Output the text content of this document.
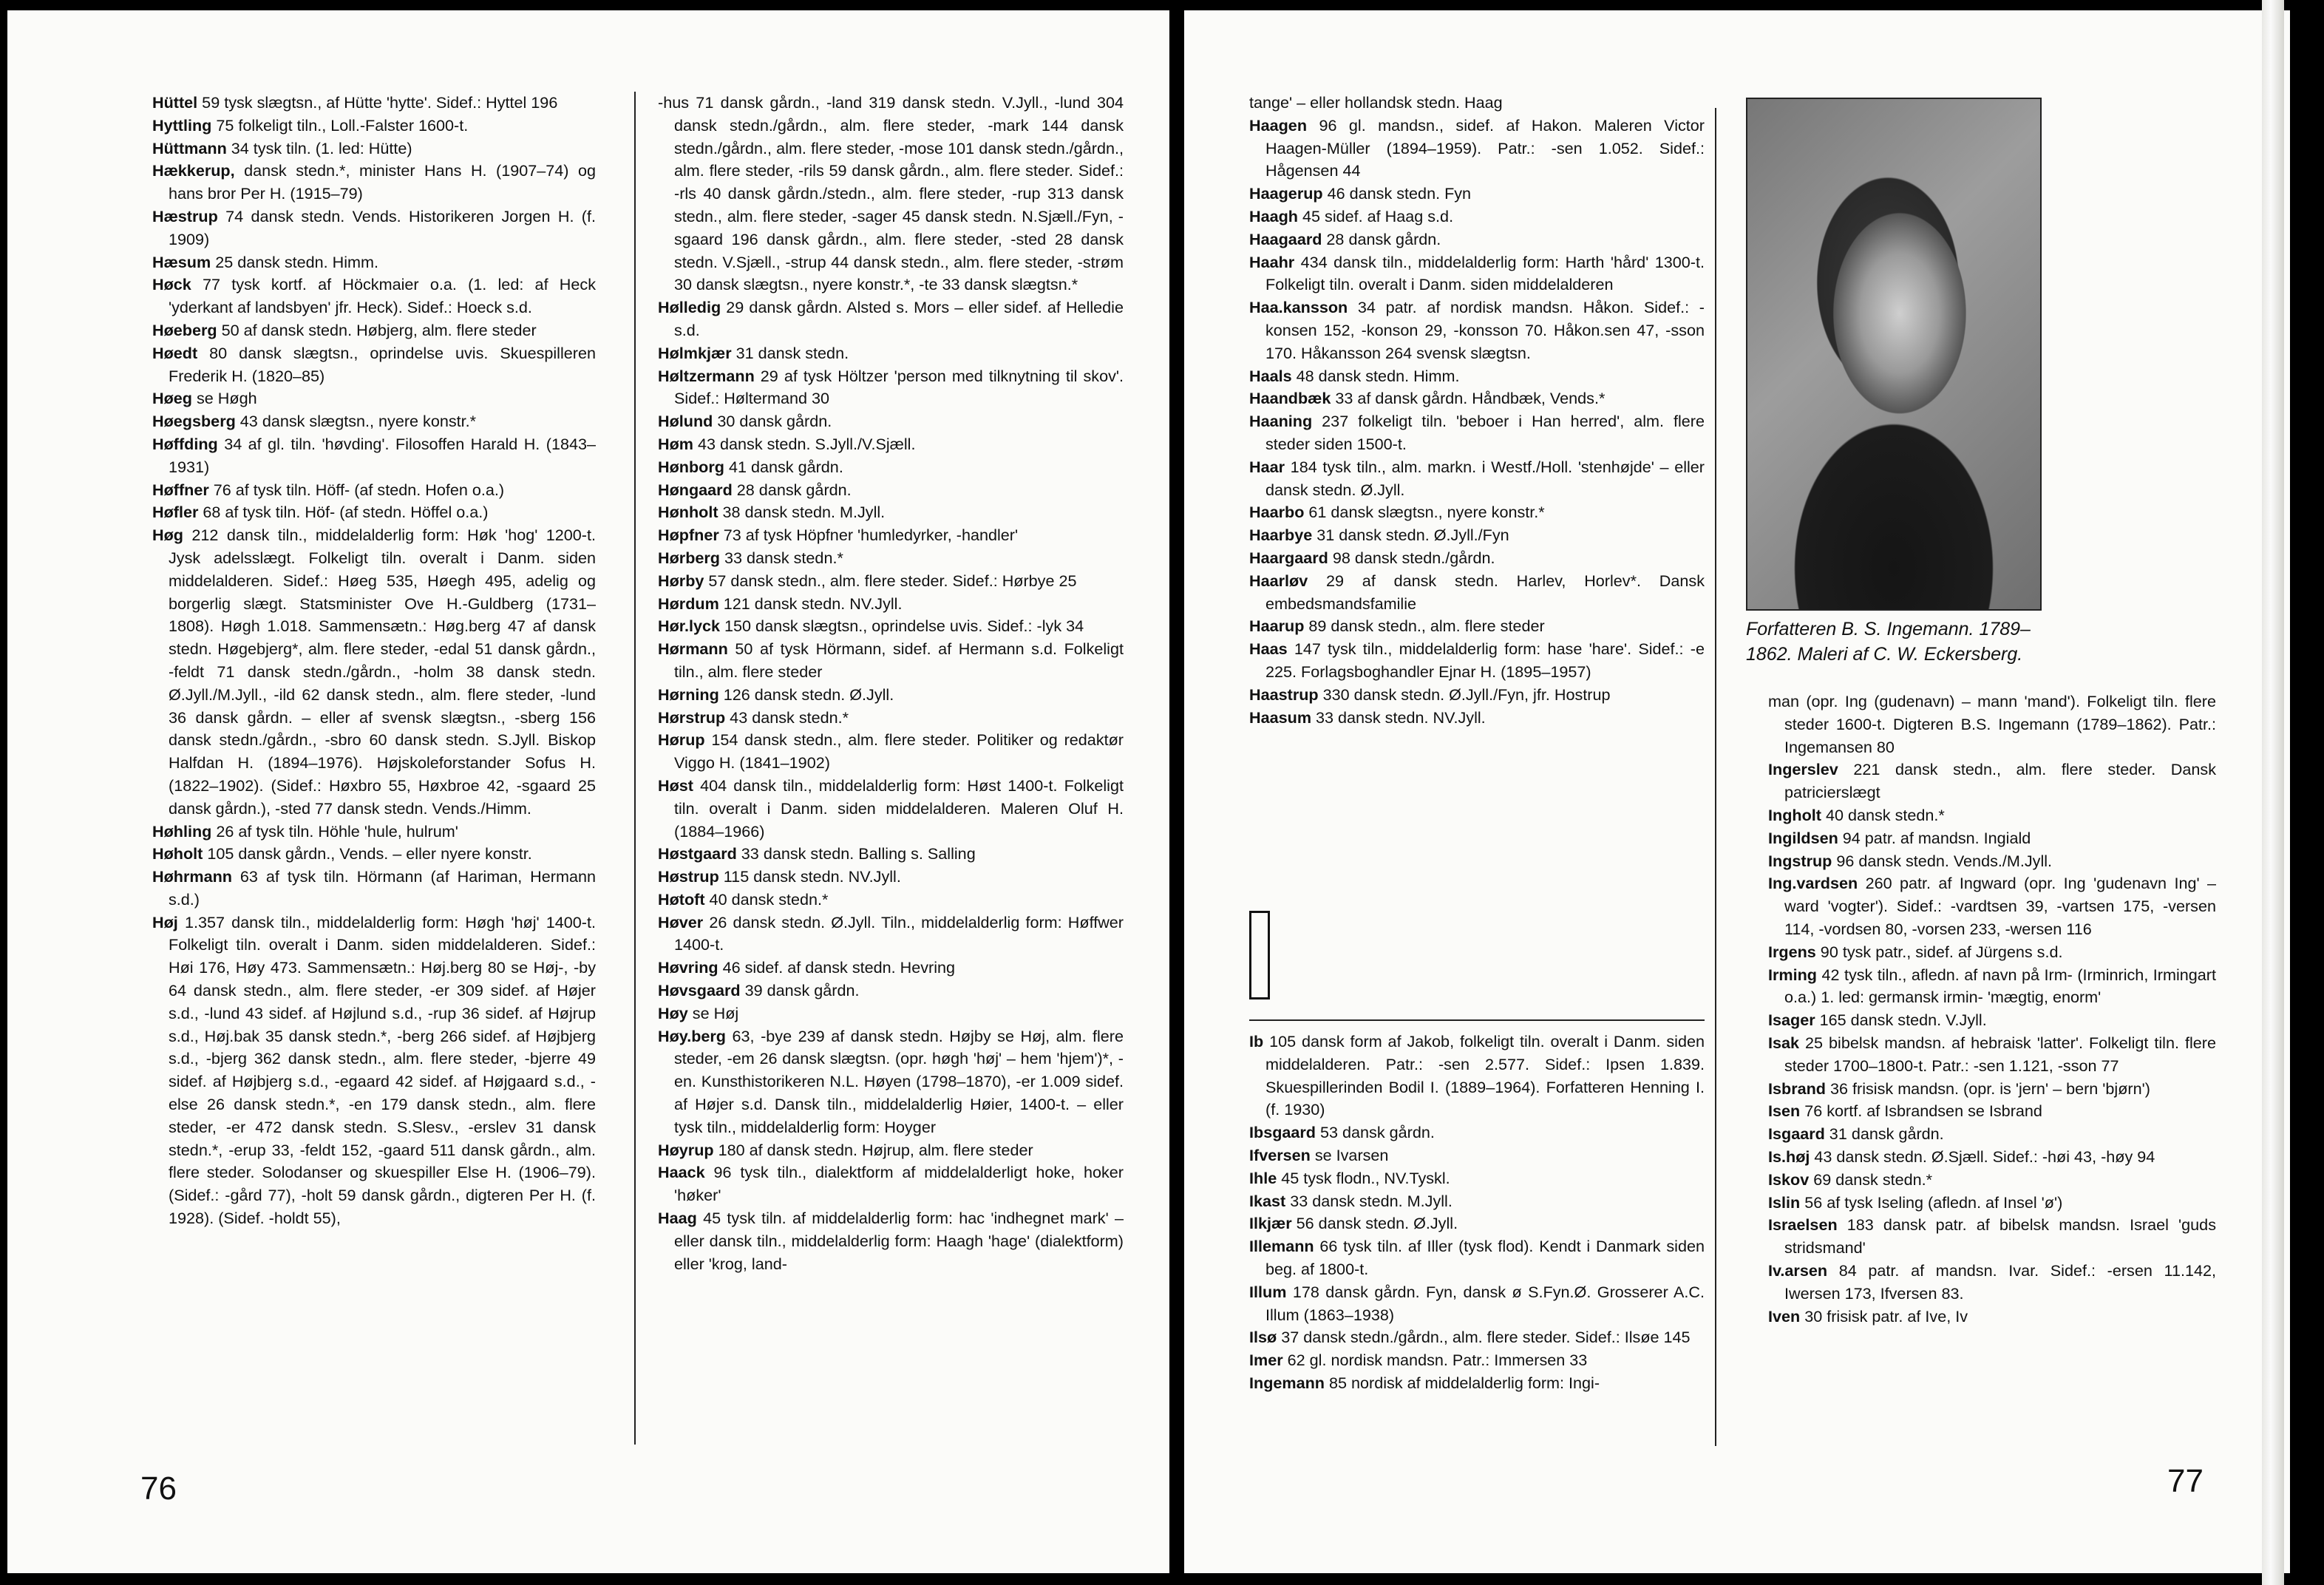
Hüttel 59 tysk slægtsn., af Hütte 'hytte'. Sidef.: Hyttel 196

Hyttling 75 folkeligt tiln., Loll.-Falster 1600-t.

Hüttmann 34 tysk tiln. (1. led: Hütte)

Hækkerup, dansk stedn.*, minister Hans H. (1907–74) og hans bror Per H. (1915–79)

Hæstrup 74 dansk stedn. Vends. Historikeren Jorgen H. (f. 1909)

Hæsum 25 dansk stedn. Himm.

Høck 77 tysk kortf. af Höckmaier o.a. (1. led: af Heck 'yderkant af landsbyen' jfr. Heck). Sidef.: Hoeck s.d.

Høeberg 50 af dansk stedn. Høbjerg, alm. flere steder

Høedt 80 dansk slægtsn., oprindelse uvis. Skuespilleren Frederik H. (1820–85)

Høeg se Høgh

Høegsberg 43 dansk slægtsn., nyere konstr.*

Høffding 34 af gl. tiln. 'høvding'. Filosoffen Harald H. (1843–1931)

Høffner 76 af tysk tiln. Höff- (af stedn. Hofen o.a.)

Høfler 68 af tysk tiln. Höf- (af stedn. Höffel o.a.)

Høg 212 dansk tiln., middelalderlig form: Høk 'hog' 1200-t. Jysk adelsslægt. Folkeligt tiln. overalt i Danm. siden middelalderen. Sidef.: Høeg 535, Høegh 495, adelig og borgerlig slægt. Statsminister Ove H.-Guldberg (1731–1808). Høgh 1.018. Sammensætn.: Høg.berg 47 af dansk stedn. Høgebjerg*, alm. flere steder, -edal 51 dansk gårdn., -feldt 71 dansk stedn./gårdn., -holm 38 dansk stedn. Ø.Jyll./M.Jyll., -ild 62 dansk stedn., alm. flere steder, -lund 36 dansk gårdn. – eller af svensk slægtsn., -sberg 156 dansk stedn./gårdn., -sbro 60 dansk stedn. S.Jyll. Biskop Halfdan H. (1894–1976). Højskoleforstander Sofus H. (1822–1902). (Sidef.: Høxbro 55, Høxbroe 42, -sgaard 25 dansk gårdn.), -sted 77 dansk stedn. Vends./Himm.

Høhling 26 af tysk tiln. Höhle 'hule, hulrum'

Høholt 105 dansk gårdn., Vends. – eller nyere konstr.

Høhrmann 63 af tysk tiln. Hörmann (af Hariman, Hermann s.d.)

Høj 1.357 dansk tiln., middelalderlig form: Høgh 'høj' 1400-t. Folkeligt tiln. overalt i Danm. siden middelalderen. Sidef.: Høi 176, Høy 473. Sammensætn.: Høj.berg 80 se Høj-, -by 64 dansk stedn., alm. flere steder, -er 309 sidef. af Højer s.d., -lund 43 sidef. af Højlund s.d., -rup 36 sidef. af Højrup s.d., Høj.bak 35 dansk stedn.*, -berg 266 sidef. af Højbjerg s.d., -bjerg 362 dansk stedn., alm. flere steder, -bjerre 49 sidef. af Højbjerg s.d., -egaard 42 sidef. af Højgaard s.d., -else 26 dansk stedn.*, -en 179 dansk stedn., alm. flere steder, -er 472 dansk stedn. S.Slesv., -erslev 31 dansk stedn.*, -erup 33, -feldt 152, -gaard 511 dansk gårdn., alm. flere steder. Solodanser og skuespiller Else H. (1906–79). (Sidef.: -gård 77), -holt 59 dansk gårdn., digteren Per H. (f. 1928). (Sidef. -holdt 55),

-hus 71 dansk gårdn., -land 319 dansk stedn. V.Jyll., -lund 304 dansk stedn./gårdn., alm. flere steder, -mark 144 dansk stedn./gårdn., alm. flere steder, -mose 101 dansk stedn./gårdn., alm. flere steder, -rils 59 dansk gårdn., alm. flere steder. Sidef.: -rls 40 dansk gårdn./stedn., alm. flere steder, -rup 313 dansk stedn., alm. flere steder, -sager 45 dansk stedn. N.Sjæll./Fyn, -sgaard 196 dansk gårdn., alm. flere steder, -sted 28 dansk stedn. V.Sjæll., -strup 44 dansk stedn., alm. flere steder, -strøm 30 dansk slægtsn., nyere konstr.*, -te 33 dansk slægtsn.*

Hølledig 29 dansk gårdn. Alsted s. Mors – eller sidef. af Helledie s.d.

Hølmkjær 31 dansk stedn.

Høltzermann 29 af tysk Höltzer 'person med tilknytning til skov'. Sidef.: Høltermand 30

Hølund 30 dansk gårdn.

Høm 43 dansk stedn. S.Jyll./V.Sjæll.

Hønborg 41 dansk gårdn.

Høngaard 28 dansk gårdn.

Hønholt 38 dansk stedn. M.Jyll.

Høpfner 73 af tysk Höpfner 'humledyrker, -handler'

Hørberg 33 dansk stedn.*

Hørby 57 dansk stedn., alm. flere steder. Sidef.: Hørbye 25

Hørdum 121 dansk stedn. NV.Jyll.

Hør.lyck 150 dansk slægtsn., oprindelse uvis. Sidef.: -lyk 34

Hørmann 50 af tysk Hörmann, sidef. af Hermann s.d. Folkeligt tiln., alm. flere steder

Hørning 126 dansk stedn. Ø.Jyll.

Hørstrup 43 dansk stedn.*

Hørup 154 dansk stedn., alm. flere steder. Politiker og redaktør Viggo H. (1841–1902)

Høst 404 dansk tiln., middelalderlig form: Høst 1400-t. Folkeligt tiln. overalt i Danm. siden middelalderen. Maleren Oluf H. (1884–1966)

Høstgaard 33 dansk stedn. Balling s. Salling

Høstrup 115 dansk stedn. NV.Jyll.

Høtoft 40 dansk stedn.*

Høver 26 dansk stedn. Ø.Jyll. Tiln., middelalderlig form: Høffwer 1400-t.

Høvring 46 sidef. af dansk stedn. Hevring

Høvsgaard 39 dansk gårdn.

Høy se Høj

Høy.berg 63, -bye 239 af dansk stedn. Højby se Høj, alm. flere steder, -em 26 dansk slægtsn. (opr. høgh 'høj' – hem 'hjem')*, -en. Kunsthistorikeren N.L. Høyen (1798–1870), -er 1.009 sidef. af Højer s.d. Dansk tiln., middelalderlig Høier, 1400-t. – eller tysk tiln., middelalderlig form: Hoyger

Høyrup 180 af dansk stedn. Højrup, alm. flere steder

Haack 96 tysk tiln., dialektform af middelalderligt hoke, hoker 'høker'

Haag 45 tysk tiln. af middelalderlig form: hac 'indhegnet mark' – eller dansk tiln., middelalderlig form: Haagh 'hage' (dialektform) eller 'krog, land-

76

tange' – eller hollandsk stedn. Haag

Haagen 96 gl. mandsn., sidef. af Hakon. Maleren Victor Haagen-Müller (1894–1959). Patr.: -sen 1.052. Sidef.: Hågensen 44

Haagerup 46 dansk stedn. Fyn

Haagh 45 sidef. af Haag s.d.

Haagaard 28 dansk gårdn.

Haahr 434 dansk tiln., middelalderlig form: Harth 'hård' 1300-t. Folkeligt tiln. overalt i Danm. siden middelalderen

Haa.kansson 34 patr. af nordisk mandsn. Håkon. Sidef.: -konsen 152, -konson 29, -konsson 70. Håkon.sen 47, -sson 170. Håkansson 264 svensk slægtsn.

Haals 48 dansk stedn. Himm.

Haandbæk 33 af dansk gårdn. Håndbæk, Vends.*

Haaning 237 folkeligt tiln. 'beboer i Han herred', alm. flere steder siden 1500-t.

Haar 184 tysk tiln., alm. markn. i Westf./Holl. 'stenhøjde' – eller dansk stedn. Ø.Jyll.

Haarbo 61 dansk slægtsn., nyere konstr.*

Haarbye 31 dansk stedn. Ø.Jyll./Fyn

Haargaard 98 dansk stedn./gårdn.

Haarløv 29 af dansk stedn. Harlev, Horlev*. Dansk embedsmandsfamilie

Haarup 89 dansk stedn., alm. flere steder

Haas 147 tysk tiln., middelalderlig form: hase 'hare'. Sidef.: -e 225. Forlagsboghandler Ejnar H. (1895–1957)

Haastrup 330 dansk stedn. Ø.Jyll./Fyn, jfr. Hostrup

Haasum 33 dansk stedn. NV.Jyll.

Ib 105 dansk form af Jakob, folkeligt tiln. overalt i Danm. siden middelalderen. Patr.: -sen 2.577. Sidef.: Ipsen 1.839. Skuespillerinden Bodil I. (1889–1964). Forfatteren Henning I. (f. 1930)

Ibsgaard 53 dansk gårdn.

Ifversen se Ivarsen

Ihle 45 tysk flodn., NV.Tyskl.

Ikast 33 dansk stedn. M.Jyll.

Ilkjær 56 dansk stedn. Ø.Jyll.

Illemann 66 tysk tiln. af Iller (tysk flod). Kendt i Danmark siden beg. af 1800-t.

Illum 178 dansk gårdn. Fyn, dansk ø S.Fyn.Ø. Grosserer A.C. Illum (1863–1938)

Ilsø 37 dansk stedn./gårdn., alm. flere steder. Sidef.: Ilsøe 145

Imer 62 gl. nordisk mandsn. Patr.: Immersen 33

Ingemann 85 nordisk af middelalderlig form: Ingi-

Forfatteren B. S. Ingemann. 1789–1862. Maleri af C. W. Eckersberg.

man (opr. Ing (gudenavn) – mann 'mand'). Folkeligt tiln. flere steder 1600-t. Digteren B.S. Ingemann (1789–1862). Patr.: Ingemansen 80

Ingerslev 221 dansk stedn., alm. flere steder. Dansk patricierslægt

Ingholt 40 dansk stedn.*

Ingildsen 94 patr. af mandsn. Ingiald

Ingstrup 96 dansk stedn. Vends./M.Jyll.

Ing.vardsen 260 patr. af Ingward (opr. Ing 'gudenavn Ing' – ward 'vogter'). Sidef.: -vardtsen 39, -vartsen 175, -versen 114, -vordsen 80, -vorsen 233, -wersen 116

Irgens 90 tysk patr., sidef. af Jürgens s.d.

Irming 42 tysk tiln., afledn. af navn på Irm- (Irminrich, Irmingart o.a.) 1. led: germansk irmin- 'mægtig, enorm'

Isager 165 dansk stedn. V.Jyll.

Isak 25 bibelsk mandsn. af hebraisk 'latter'. Folkeligt tiln. flere steder 1700–1800-t. Patr.: -sen 1.121, -sson 77

Isbrand 36 frisisk mandsn. (opr. is 'jern' – bern 'bjørn')

Isen 76 kortf. af Isbrandsen se Isbrand

Isgaard 31 dansk gårdn.

Is.høj 43 dansk stedn. Ø.Sjæll. Sidef.: -høi 43, -høy 94

Iskov 69 dansk stedn.*

Isl​in 56 af tysk Iseling (afledn. af Insel 'ø')

Israelsen 183 dansk patr. af bibelsk mandsn. Israel 'guds stridsmand'

Iv.arsen 84 patr. af mandsn. Ivar. Sidef.: -ersen 11.142, Iwersen 173, Ifversen 83.

Iven 30 frisisk patr. af Ive, Iv

77
